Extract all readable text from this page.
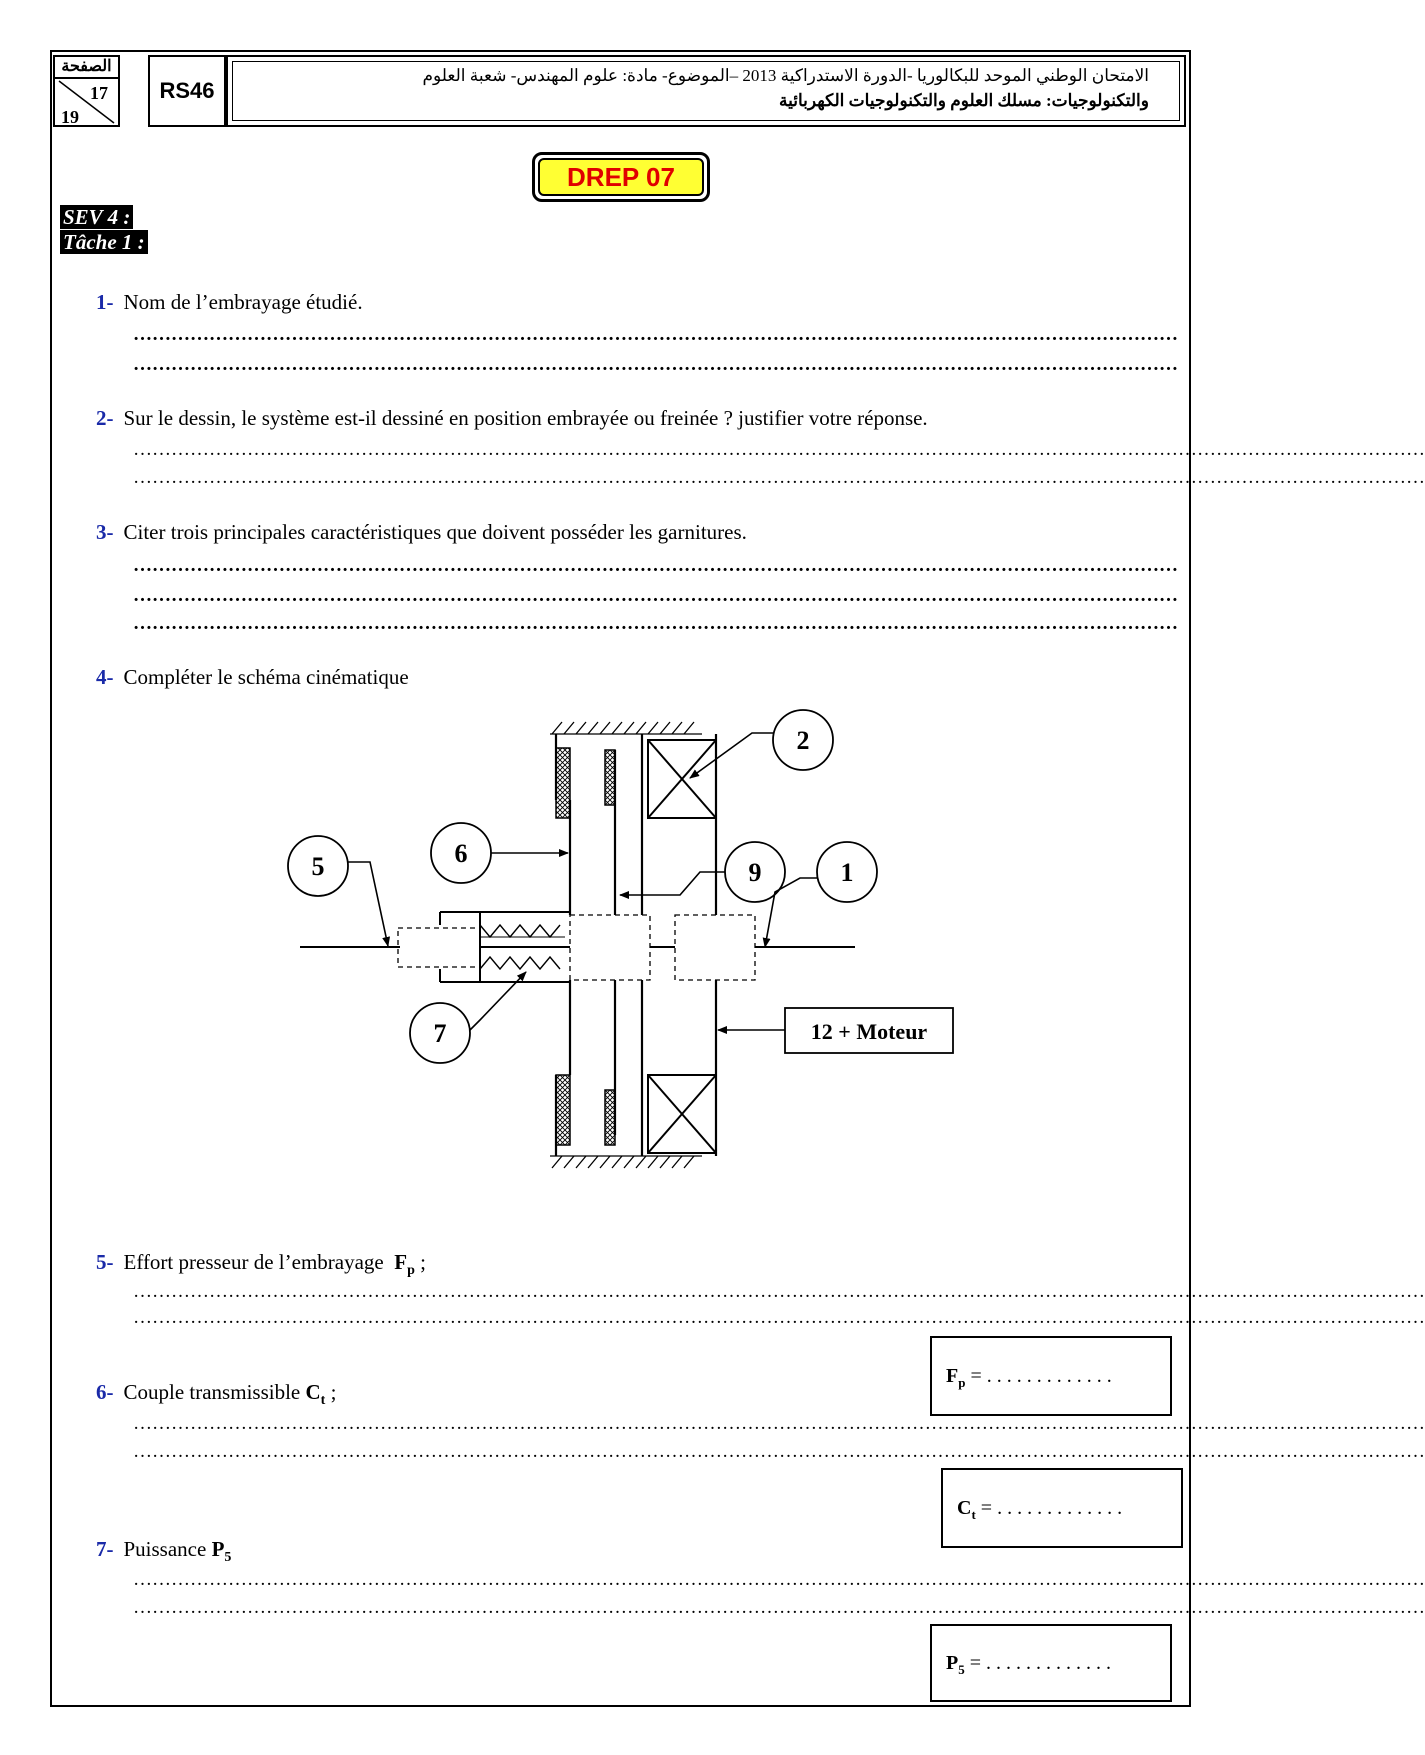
الصفحة
17
19
RS46
الامتحان الوطني الموحد للبكالوريا -الدورة الاستدراكية 2013 –الموضوع- مادة: علوم المهندس- شعبة العلوم
والتكنولوجيات: مسلك العلوم والتكنولوجيات الكهربائية
DREP 07
SEV 4 :
Tâche 1 :
1- Nom de l’embrayage étudié.
…………………………………………………………………………………………………………………………………………………
…………………………………………………………………………………………………………………………………………………
2- Sur le dessin, le système est-il dessiné en position embrayée ou freinée ? justifier votre réponse.
……………………………………………………………………………………………………………………………………………………………………………………
……………………………………………………………………………………………………………………………………………………………………………………
3- Citer trois principales caractéristiques que doivent posséder les garnitures.
…………………………………………………………………………………………………………………………………………………
…………………………………………………………………………………………………………………………………………………
…………………………………………………………………………………………………………………………………………………
4- Compléter le schéma cinématique
2
5	6
9	1
7	12 + Moteur
5- Effort presseur de l’embrayage $F_p$ ;
……………………………………………………………………………………………………………………………………………………………………………………
……………………………………………………………………………………………………………………………………………………………………………………
$F_p$ = . . . . . . . . . . . . .
6- Couple transmissible $C_t$ ;
……………………………………………………………………………………………………………………………………………………………………………………
……………………………………………………………………………………………………………………………………………………………………………………
$C_t$ = . . . . . . . . . . . . .
7- Puissance $P_5$
……………………………………………………………………………………………………………………………………………………………………………………
……………………………………………………………………………………………………………………………………………………………………………………
$P_5$ = . . . . . . . . . . . . .
